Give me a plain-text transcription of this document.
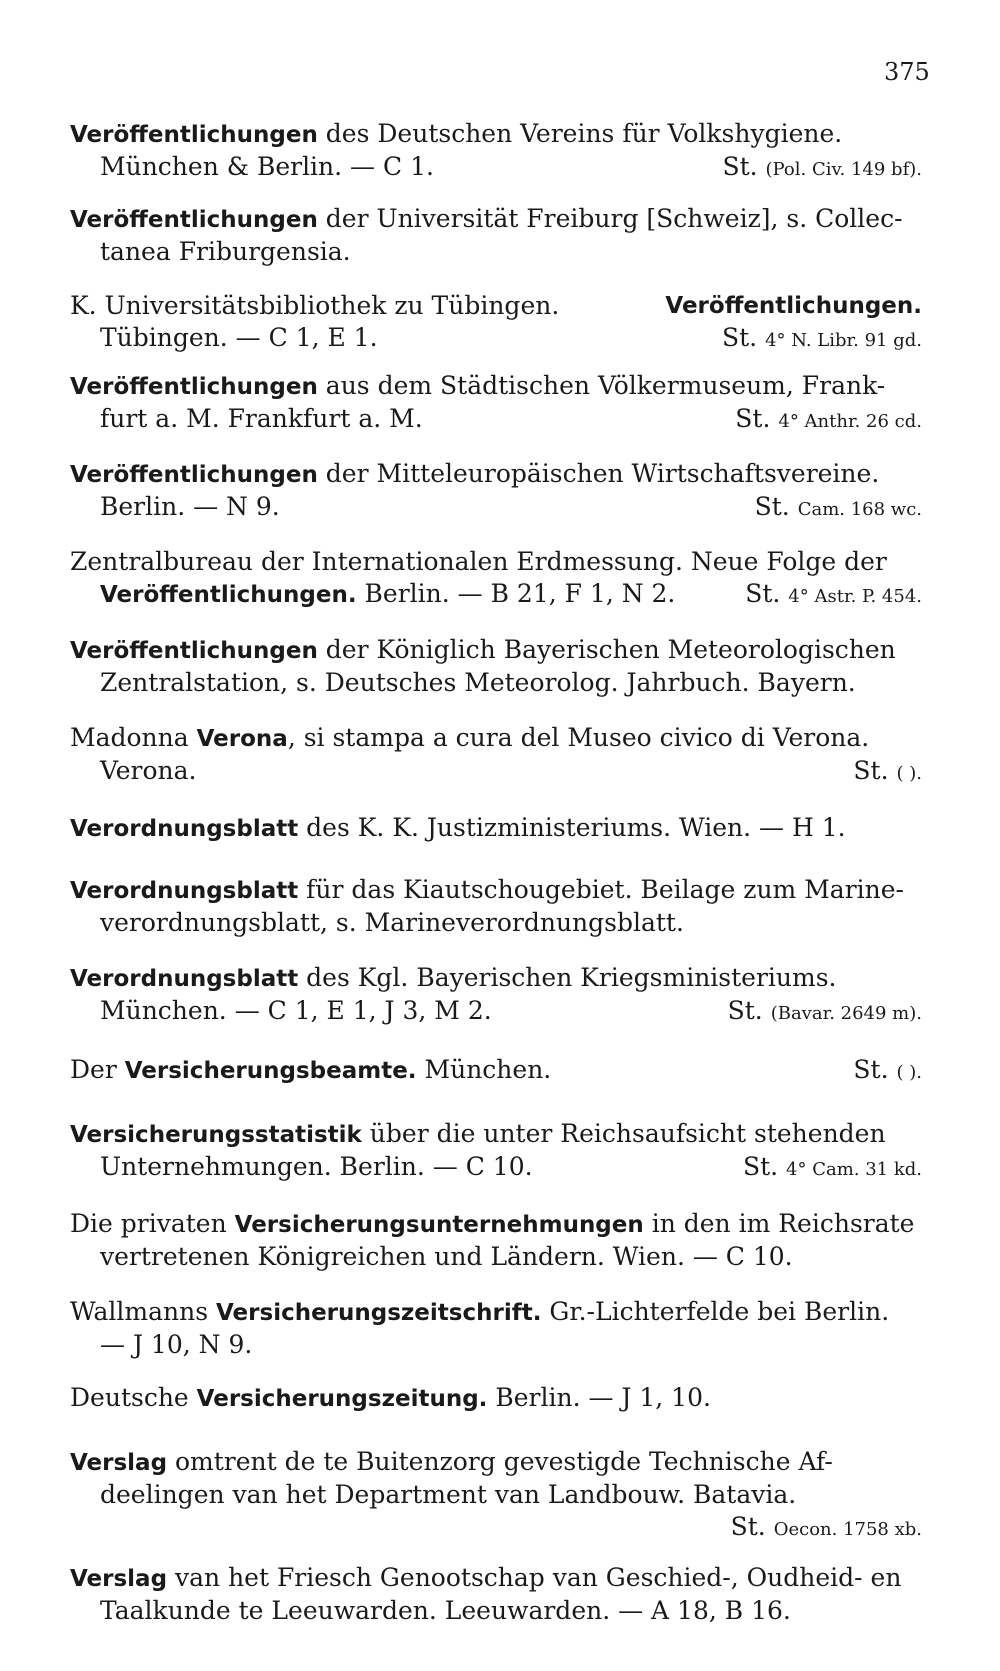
375
Veröffentlichungen des Deutschen Vereins für Volkshygiene.
München & Berlin. — C 1.	St. (Pol. Civ. 149 bf).
Veröffentlichungen der Universität Freiburg [Schweiz], s. Collec-
tanea Friburgensia.
K. Universitätsbibliothek zu Tübingen.	Veröffentlichungen.
Tübingen. — C 1, E 1.	St. 4° N. Libr. 91 gd.
Veröffentlichungen aus dem Städtischen Völkermuseum, Frank-
furt a. M. Frankfurt a. M.	St. 4° Anthr. 26 cd.
Veröffentlichungen der Mitteleuropäischen Wirtschaftsvereine.
Berlin. — N 9.	St. Cam. 168 wc.
Zentralbureau der Internationalen Erdmessung. Neue Folge der
Veröffentlichungen. Berlin. — B 21, F 1, N 2.	St. 4° Astr. P. 454.
Veröffentlichungen der Königlich Bayerischen Meteorologischen
Zentralstation, s. Deutsches Meteorolog. Jahrbuch. Bayern.
Madonna Verona, si stampa a cura del Museo civico di Verona.
Verona.	St. ( ).
Verordnungsblatt des K. K. Justizministeriums. Wien. — H 1.
Verordnungsblatt für das Kiautschougebiet. Beilage zum Marine-
verordnungsblatt, s. Marineverordnungsblatt.
Verordnungsblatt des Kgl. Bayerischen Kriegsministeriums.
München. — C 1, E 1, J 3, M 2.	St. (Bavar. 2649 m).
Der Versicherungsbeamte. München.	St. ( ).
Versicherungsstatistik über die unter Reichsaufsicht stehenden
Unternehmungen. Berlin. — C 10.	St. 4° Cam. 31 kd.
Die privaten Versicherungsunternehmungen in den im Reichsrate
vertretenen Königreichen und Ländern. Wien. — C 10.
Wallmanns Versicherungszeitschrift. Gr.-Lichterfelde bei Berlin.
— J 10, N 9.
Deutsche Versicherungszeitung. Berlin. — J 1, 10.
Verslag omtrent de te Buitenzorg gevestigde Technische Af-
deelingen van het Department van Landbouw. Batavia.
St. Oecon. 1758 xb.
Verslag van het Friesch Genootschap van Geschied-, Oudheid- en
Taalkunde te Leeuwarden. Leeuwarden. — A 18, B 16.
